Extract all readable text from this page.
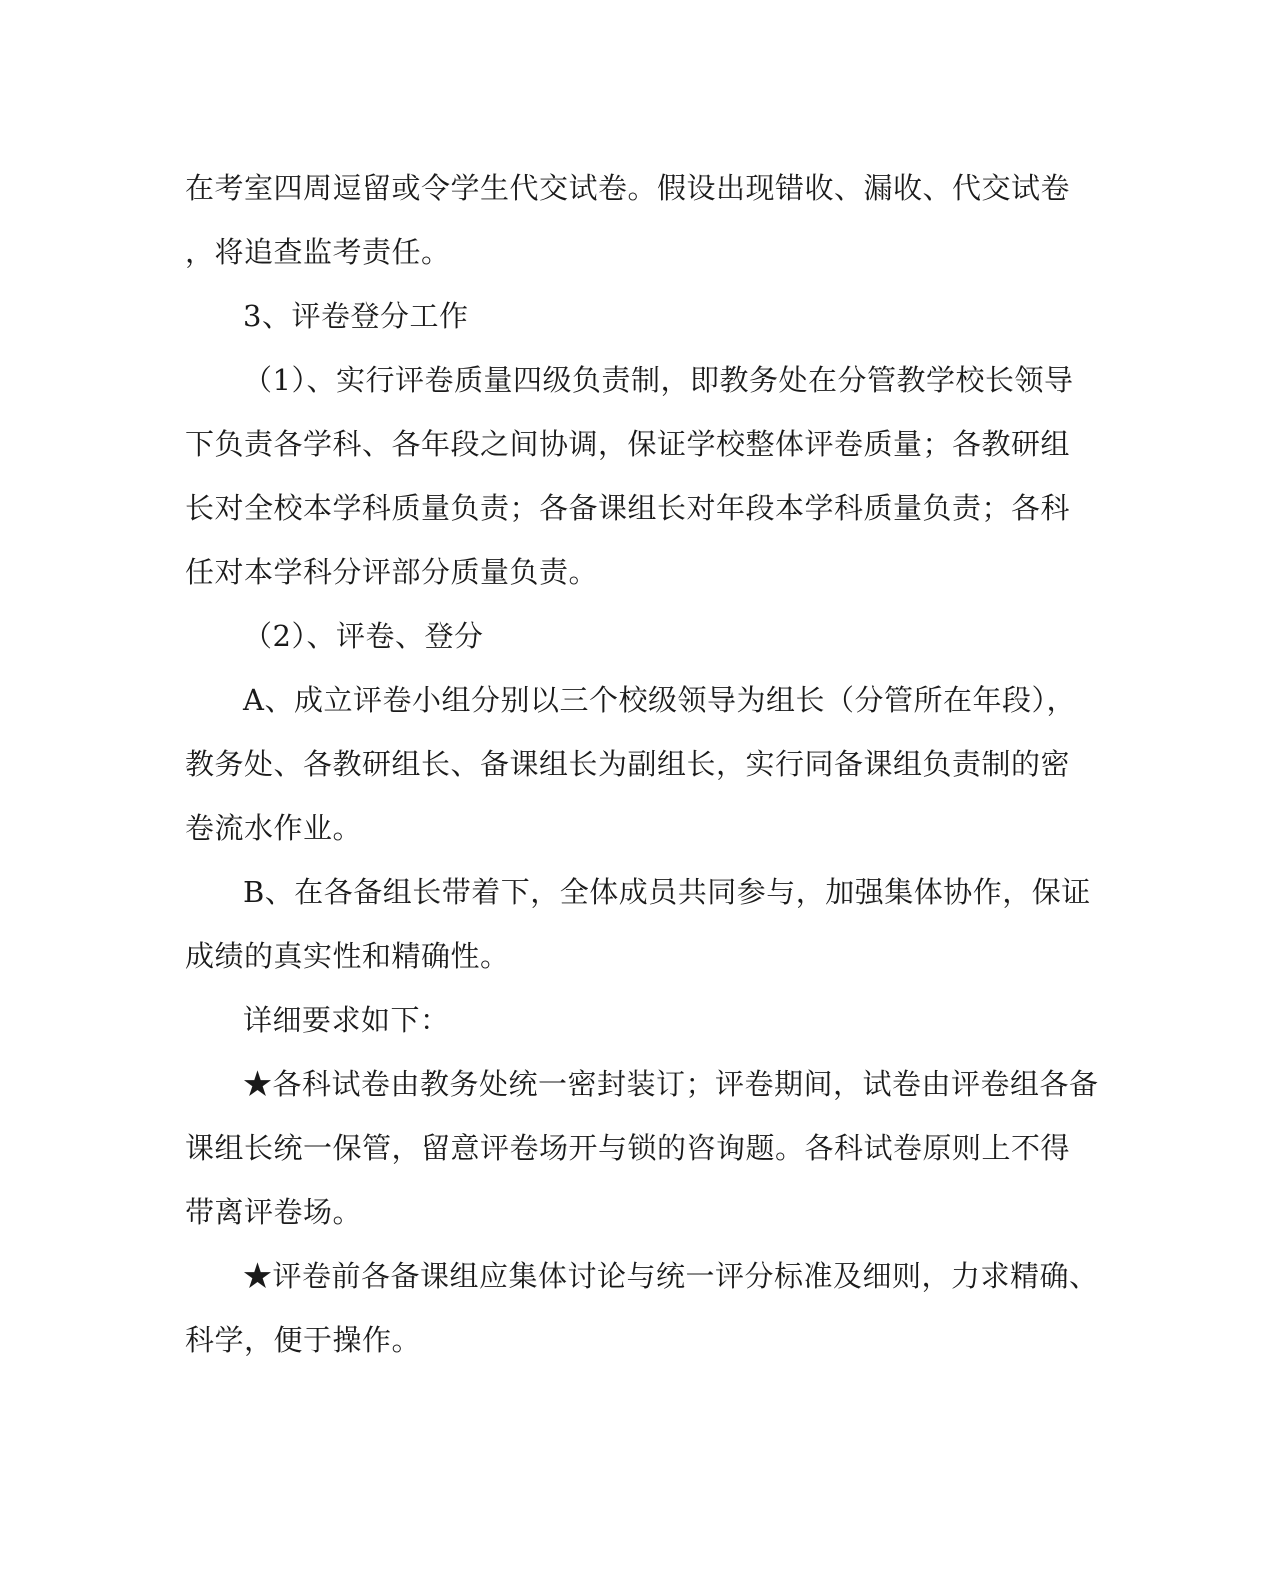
在考室四周逗留或令学生代交试卷。假设出现错收、漏收、代交试卷
，将追查监考责任。
3、评卷登分工作
（1）、实行评卷质量四级负责制，即教务处在分管教学校长领导
下负责各学科、各年段之间协调，保证学校整体评卷质量；各教研组
长对全校本学科质量负责；各备课组长对年段本学科质量负责；各科
任对本学科分评部分质量负责。
（2）、评卷、登分
A、成立评卷小组分别以三个校级领导为组长（分管所在年段），
教务处、各教研组长、备课组长为副组长，实行同备课组负责制的密
卷流水作业。
B、在各备组长带着下，全体成员共同参与，加强集体协作，保证
成绩的真实性和精确性。
详细要求如下：
★各科试卷由教务处统一密封装订；评卷期间，试卷由评卷组各备
课组长统一保管，留意评卷场开与锁的咨询题。各科试卷原则上不得
带离评卷场。
★评卷前各备课组应集体讨论与统一评分标准及细则，力求精确、
科学，便于操作。
